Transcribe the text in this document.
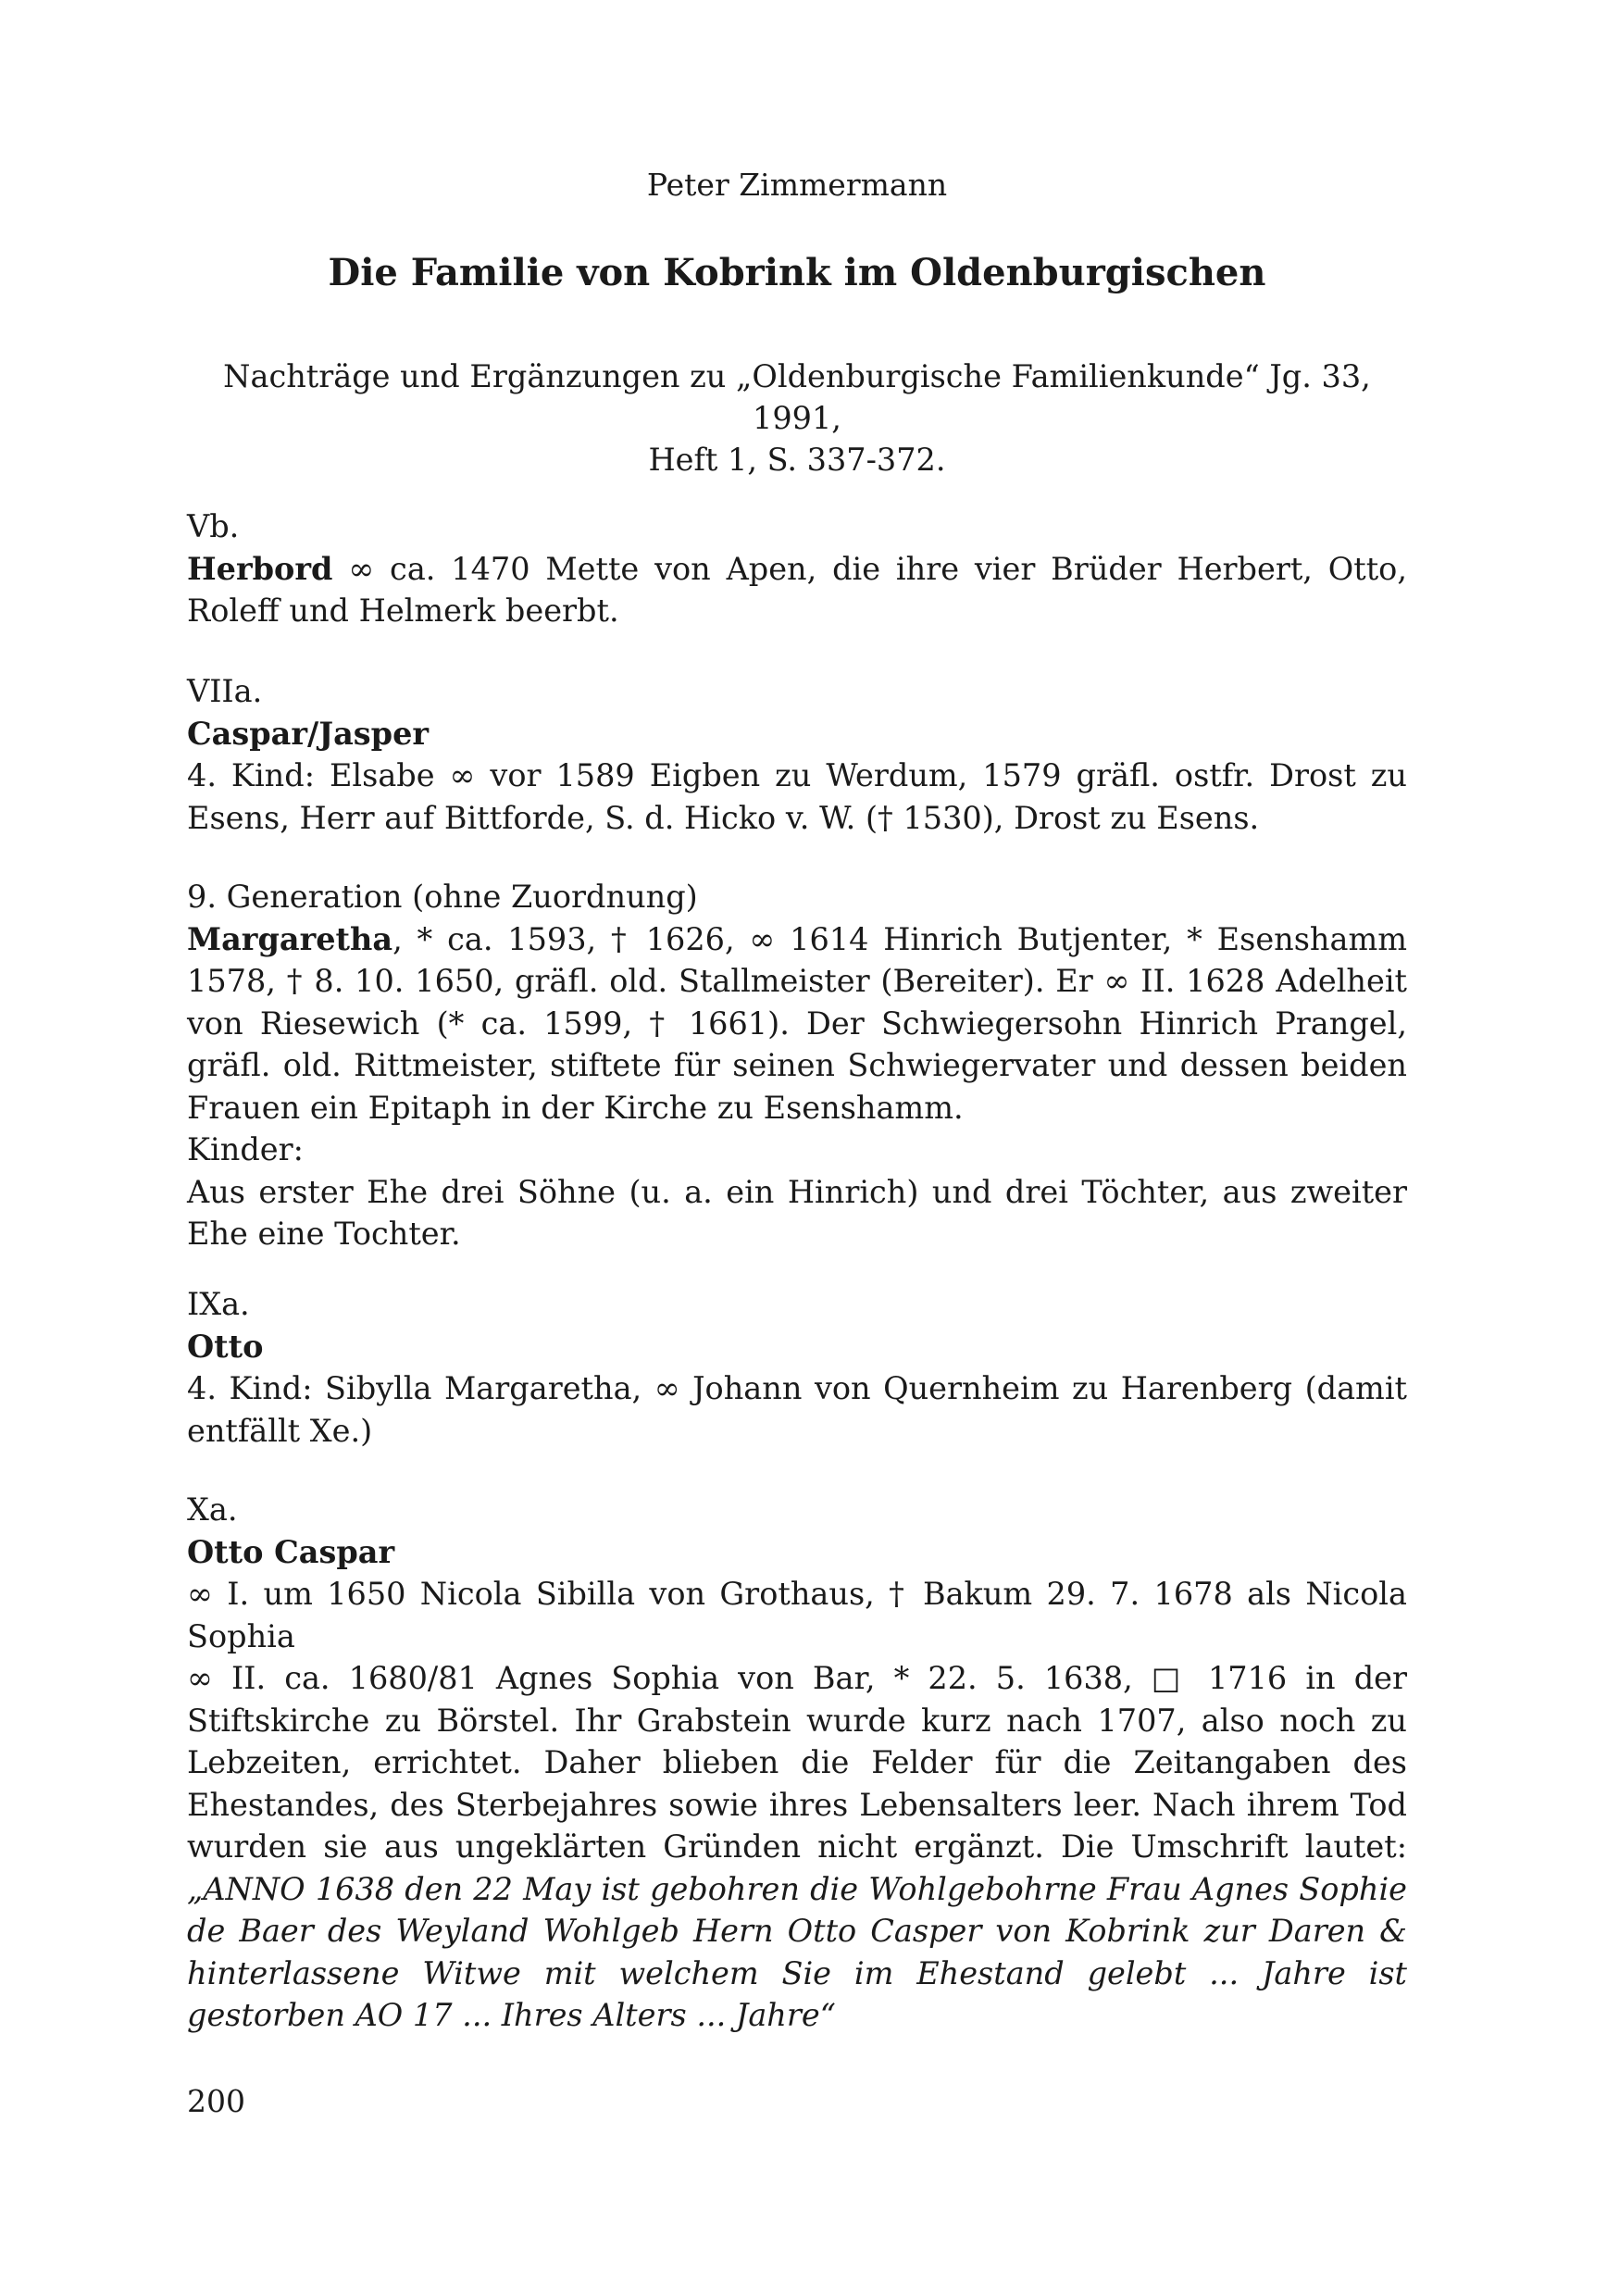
Peter Zimmermann
Die Familie von Kobrink im Oldenburgischen
Nachträge und Ergänzungen zu „Oldenburgische Familienkunde“ Jg. 33, 1991,
Heft 1, S. 337-372.
Vb.
Herbord ∞ ca. 1470 Mette von Apen, die ihre vier Brüder Herbert, Otto, Roleff und Helmerk beerbt.
VIIa.
Caspar/Jasper
4. Kind: Elsabe ∞ vor 1589 Eigben zu Werdum, 1579 gräfl. ostfr. Drost zu Esens, Herr auf Bittforde, S. d. Hicko v. W. († 1530), Drost zu Esens.
9. Generation (ohne Zuordnung)
Margaretha, * ca. 1593, † 1626, ∞ 1614 Hinrich Butjenter, * Esenshamm 1578, † 8. 10. 1650, gräfl. old. Stallmeister (Bereiter). Er ∞ II. 1628 Adelheit von Riesewich (* ca. 1599, † 1661). Der Schwiegersohn Hinrich Prangel, gräfl. old. Rittmeister, stiftete für seinen Schwiegervater und dessen beiden Frauen ein Epitaph in der Kirche zu Esenshamm.
Kinder:
Aus erster Ehe drei Söhne (u. a. ein Hinrich) und drei Töchter, aus zweiter Ehe eine Tochter.
IXa.
Otto
4. Kind: Sibylla Margaretha, ∞ Johann von Quernheim zu Harenberg (damit entfällt Xe.)
Xa.
Otto Caspar
∞ I. um 1650 Nicola Sibilla von Grothaus, † Bakum 29. 7. 1678 als Nicola Sophia
∞ II. ca. 1680/81 Agnes Sophia von Bar, * 22. 5. 1638, □ 1716 in der Stiftskirche zu Börstel. Ihr Grabstein wurde kurz nach 1707, also noch zu Lebzeiten, errichtet. Daher blieben die Felder für die Zeitangaben des Ehestandes, des Sterbejahres sowie ihres Lebensalters leer. Nach ihrem Tod wurden sie aus ungeklärten Gründen nicht ergänzt. Die Umschrift lautet: „ANNO 1638 den 22 May ist gebohren die Wohlgebohrne Frau Agnes Sophie de Baer des Weyland Wohlgeb Hern Otto Casper von Kobrink zur Daren & hinterlassene Witwe mit welchem Sie im Ehestand gelebt ... Jahre ist gestorben AO 17 ... Ihres Alters ... Jahre“
200
